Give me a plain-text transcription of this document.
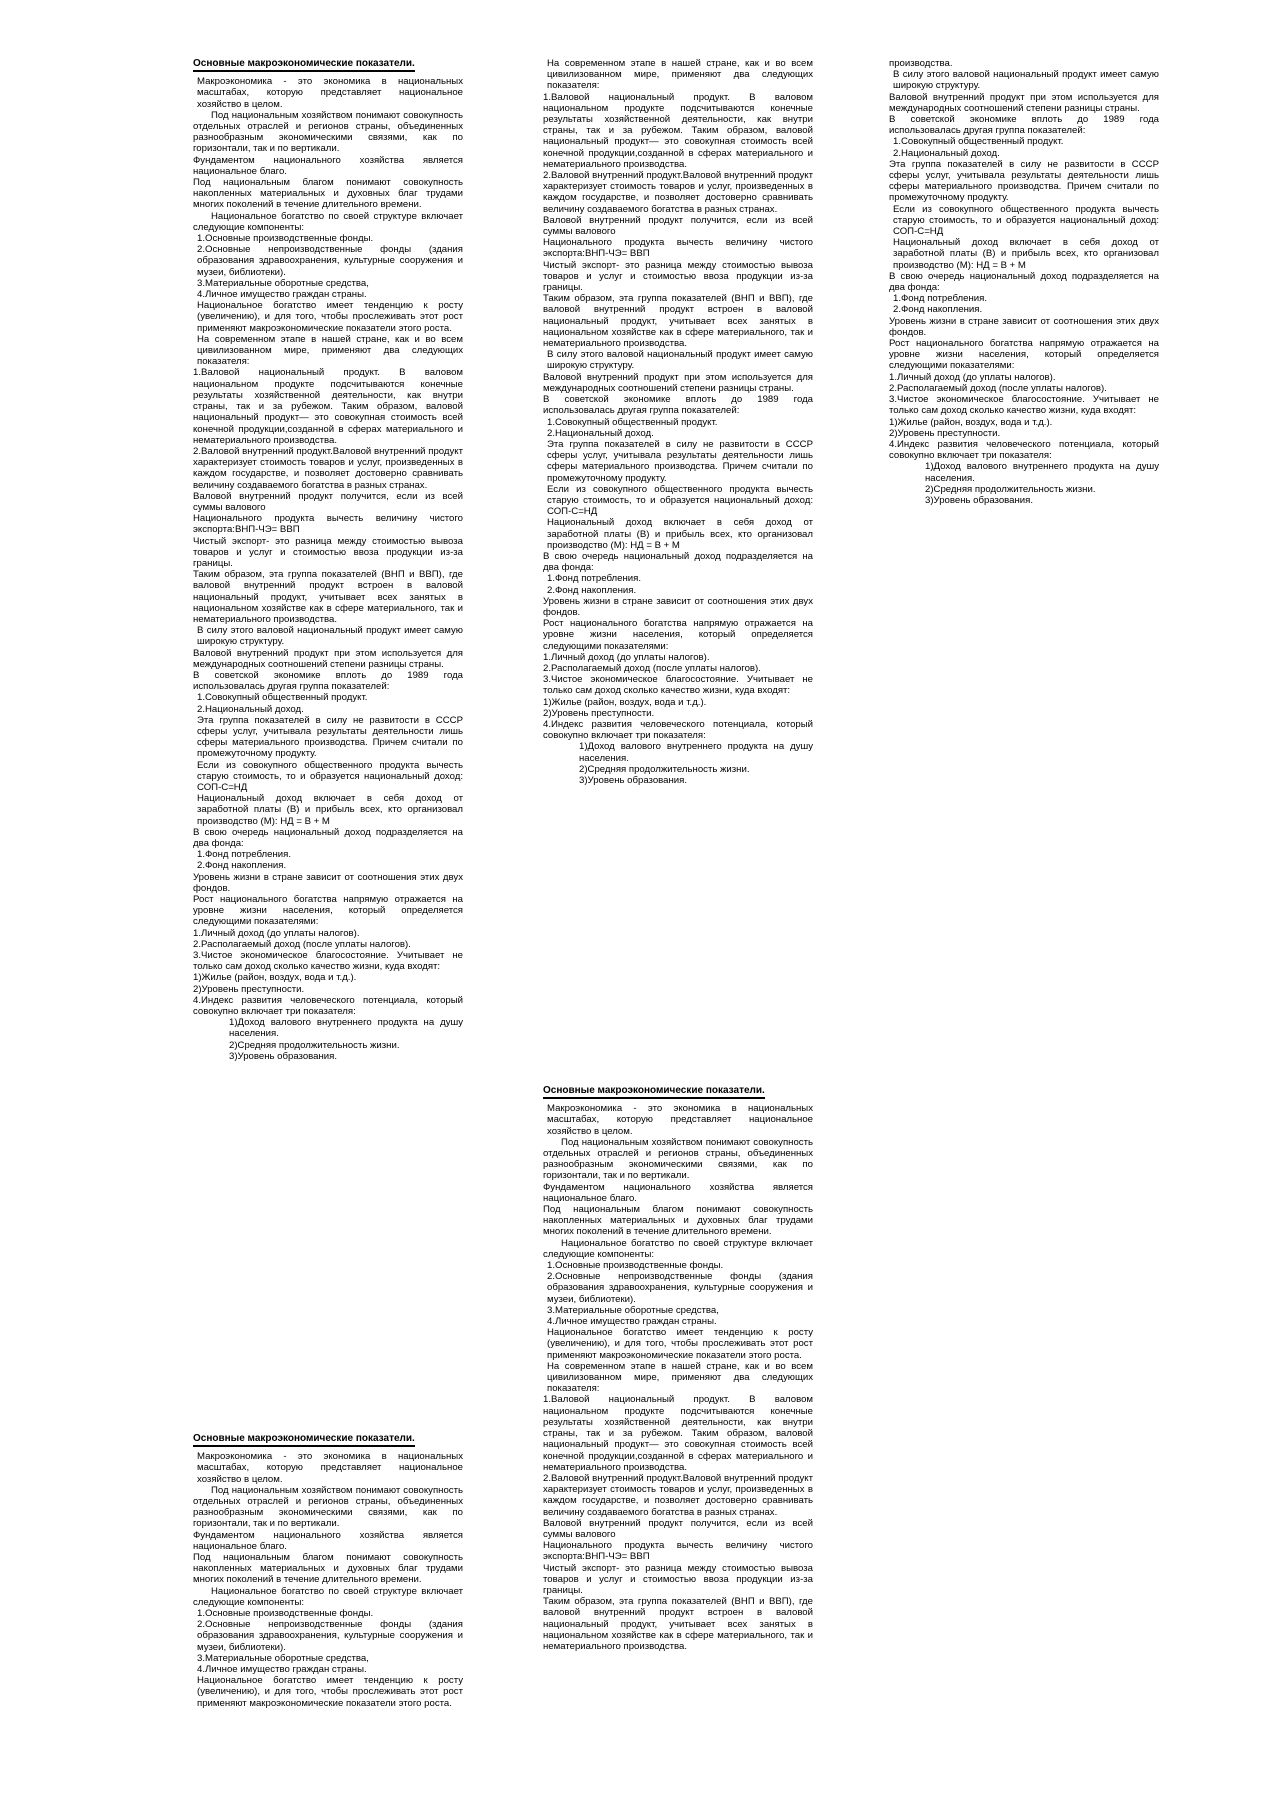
Основные макроэкономические показатели.

Макроэкономика - это экономика в национальных масштабах, которую представляет национальное хозяйство в целом.

Под национальным хозяйством понимают совокупность отдельных отраслей и регионов страны, объединенных разнообразным экономическими связями, как по горизонтали, так и по вертикали.

Фундаментом национального хозяйства является национальное благо.

Под национальным благом понимают совокупность накопленных материальных и духовных благ трудами многих поколений в течение длительного времени.

Национальное богатство по своей структуре включает следующие компоненты:

1.Основные производственные фонды.

2.Основные непроизводственные фонды (здания образования здравоохранения, культурные сооружения и музеи, библиотеки).

3.Материальные оборотные средства,

4.Личное имущество граждан страны.

Национальное богатство имеет тенденцию к росту (увеличению), и для того, чтобы прослеживать этот рост применяют макроэкономические показатели этого роста.

На современном этапе в нашей стране, как и во всем цивилизованном мире, применяют два следующих показателя:

1.Валовой национальный продукт. В валовом национальном продукте подсчитываются конечные результаты хозяйственной деятельности, как внутри страны, так и за рубежом. Таким образом, валовой национальный продукт— это совокупная стоимость всей конечной продукции,созданной в сферах материального и нематериального производства.

2.Валовой внутренний продукт.Валовой внутренний продукт характеризует стоимость товаров и услуг, произведенных в каждом государстве, и позволяет достоверно сравнивать величину создаваемого богатства в разных странах.

Валовой внутренний продукт получится, если из всей суммы валового

Национального продукта вычесть величину чистого экспорта:ВНП-ЧЭ= ВВП

Чистый экспорт- это разница между стоимостью вывоза товаров и услуг и стоимостью ввоза продукции из-за границы.

Таким образом, эта группа показателей (ВНП и ВВП), где валовой внутренний продукт встроен в валовой национальный продукт, учитывает всех занятых в национальном хозяйстве как в сфере материального, так и нематериального производства.

В силу этого валовой национальный продукт имеет самую широкую структуру.

Валовой внутренний продукт при этом используется для международных соотношений степени разницы страны.

В советской экономике вплоть до 1989 года использовалась другая группа показателей:

1.Совокупный общественный продукт.

2.Национальный доход.

Эта группа показателей в силу не развитости в СССР сферы услуг, учитывала результаты деятельности лишь сферы материального производства. Причем считали по промежуточному продукту.

Если из совокупного общественного продукта вычесть старую стоимость, то и образуется национальный доход: СОП-С=НД

Национальный доход включает в себя доход от заработной платы (В) и прибыль всех, кто организовал производство (М): НД = В + М

В свою очередь национальный доход подразделяется на два фонда:

1.Фонд потребления.

2.Фонд накопления.

Уровень жизни в стране зависит от соотношения этих двух фондов.

Рост национального богатства напрямую отражается на уровне жизни населения, который определяется следующими показателями:

1.Личный доход (до уплаты налогов).

2.Располагаемый доход (после уплаты налогов).

3.Чистое экономическое благосостояние. Учитывает не только сам доход сколько качество жизни, куда входят:

1)Жилье (район, воздух, вода и т.д.).

2)Уровень преступности.

4.Индекс развития человеческого потенциала, который совокупно включает три показателя:

1)Доход валового внутреннего продукта на душу населения.

2)Средняя продолжительность жизни.

3)Уровень образования.

Основные макроэкономические показатели.

Макроэкономика - это экономика в национальных масштабах, которую представляет национальное хозяйство в целом.

Под национальным хозяйством понимают совокупность отдельных отраслей и регионов страны, объединенных разнообразным экономическими связями, как по горизонтали, так и по вертикали.

Фундаментом национального хозяйства является национальное благо.

Под национальным благом понимают совокупность накопленных материальных и духовных благ трудами многих поколений в течение длительного времени.

Национальное богатство по своей структуре включает следующие компоненты:

1.Основные производственные фонды.

2.Основные непроизводственные фонды (здания образования здравоохранения, культурные сооружения и музеи, библиотеки).

3.Материальные оборотные средства,

4.Личное имущество граждан страны.

Национальное богатство имеет тенденцию к росту (увеличению), и для того, чтобы прослеживать этот рост применяют макроэкономические показатели этого роста.

На современном этапе в нашей стране, как и во всем цивилизованном мире, применяют два следующих показателя:

1.Валовой национальный продукт. В валовом национальном продукте подсчитываются конечные результаты хозяйственной деятельности, как внутри страны, так и за рубежом. Таким образом, валовой национальный продукт— это совокупная стоимость всей конечной продукции,созданной в сферах материального и нематериального производства.

2.Валовой внутренний продукт.Валовой внутренний продукт характеризует стоимость товаров и услуг, произведенных в каждом государстве, и позволяет достоверно сравнивать величину создаваемого богатства в разных странах.

Валовой внутренний продукт получится, если из всей суммы валового

Национального продукта вычесть величину чистого экспорта:ВНП-ЧЭ= ВВП

Чистый экспорт- это разница между стоимостью вывоза товаров и услуг и стоимостью ввоза продукции из-за границы.

Таким образом, эта группа показателей (ВНП и ВВП), где валовой внутренний продукт встроен в валовой национальный продукт, учитывает всех занятых в национальном хозяйстве как в сфере материального, так и нематериального производства.

В силу этого валовой национальный продукт имеет самую широкую структуру.

Валовой внутренний продукт при этом используется для международных соотношений степени разницы страны.

В советской экономике вплоть до 1989 года использовалась другая группа показателей:

1.Совокупный общественный продукт.

2.Национальный доход.

Эта группа показателей в силу не развитости в СССР сферы услуг, учитывала результаты деятельности лишь сферы материального производства. Причем считали по промежуточному продукту.

Если из совокупного общественного продукта вычесть старую стоимость, то и образуется национальный доход: СОП-С=НД

Национальный доход включает в себя доход от заработной платы (В) и прибыль всех, кто организовал производство (М): НД = В + М

В свою очередь национальный доход подразделяется на два фонда:

1.Фонд потребления.

2.Фонд накопления.

Уровень жизни в стране зависит от соотношения этих двух фондов.

Рост национального богатства напрямую отражается на уровне жизни населения, который определяется следующими показателями:

1.Личный доход (до уплаты налогов).

2.Располагаемый доход (после уплаты налогов).

3.Чистое экономическое благосостояние. Учитывает не только сам доход сколько качество жизни, куда входят:

1)Жилье (район, воздух, вода и т.д.).

2)Уровень преступности.

4.Индекс развития человеческого потенциала, который совокупно включает три показателя:

1)Доход валового внутреннего продукта на душу населения.

2)Средняя продолжительность жизни.

3)Уровень образования.

Основные макроэкономические показатели.

Макроэкономика - это экономика в национальных масштабах, которую представляет национальное хозяйство в целом.

Под национальным хозяйством понимают совокупность отдельных отраслей и регионов страны, объединенных разнообразным экономическими связями, как по горизонтали, так и по вертикали.

Фундаментом национального хозяйства является национальное благо.

Под национальным благом понимают совокупность накопленных материальных и духовных благ трудами многих поколений в течение длительного времени.

Национальное богатство по своей структуре включает следующие компоненты:

1.Основные производственные фонды.

2.Основные непроизводственные фонды (здания образования здравоохранения, культурные сооружения и музеи, библиотеки).

3.Материальные оборотные средства,

4.Личное имущество граждан страны.

Национальное богатство имеет тенденцию к росту (увеличению), и для того, чтобы прослеживать этот рост применяют макроэкономические показатели этого роста.

На современном этапе в нашей стране, как и во всем цивилизованном мире, применяют два следующих показателя:

1.Валовой национальный продукт. В валовом национальном продукте подсчитываются конечные результаты хозяйственной деятельности, как внутри страны, так и за рубежом. Таким образом, валовой национальный продукт— это совокупная стоимость всей конечной продукции,созданной в сферах материального и нематериального производства.

2.Валовой внутренний продукт.Валовой внутренний продукт характеризует стоимость товаров и услуг, произведенных в каждом государстве, и позволяет достоверно сравнивать величину создаваемого богатства в разных странах.

Валовой внутренний продукт получится, если из всей суммы валового

Национального продукта вычесть величину чистого экспорта:ВНП-ЧЭ= ВВП

Чистый экспорт- это разница между стоимостью вывоза товаров и услуг и стоимостью ввоза продукции из-за границы.

Таким образом, эта группа показателей (ВНП и ВВП), где валовой внутренний продукт встроен в валовой национальный продукт, учитывает всех занятых в национальном хозяйстве как в сфере материального, так и нематериального производства.

производства.

В силу этого валовой национальный продукт имеет самую широкую структуру.

Валовой внутренний продукт при этом используется для международных соотношений степени разницы страны.

В советской экономике вплоть до 1989 года использовалась другая группа показателей:

1.Совокупный общественный продукт.

2.Национальный доход.

Эта группа показателей в силу не развитости в СССР сферы услуг, учитывала результаты деятельности лишь сферы материального производства. Причем считали по промежуточному продукту.

Если из совокупного общественного продукта вычесть старую стоимость, то и образуется национальный доход: СОП-С=НД

Национальный доход включает в себя доход от заработной платы (В) и прибыль всех, кто организовал производство (М): НД = В + М

В свою очередь национальный доход подразделяется на два фонда:

1.Фонд потребления.

2.Фонд накопления.

Уровень жизни в стране зависит от соотношения этих двух фондов.

Рост национального богатства напрямую отражается на уровне жизни населения, который определяется следующими показателями:

1.Личный доход (до уплаты налогов).

2.Располагаемый доход (после уплаты налогов).

3.Чистое экономическое благосостояние. Учитывает не только сам доход сколько качество жизни, куда входят:

1)Жилье (район, воздух, вода и т.д.).

2)Уровень преступности.

4.Индекс развития человеческого потенциала, который совокупно включает три показателя:

1)Доход валового внутреннего продукта на душу населения.

2)Средняя продолжительность жизни.

3)Уровень образования.
